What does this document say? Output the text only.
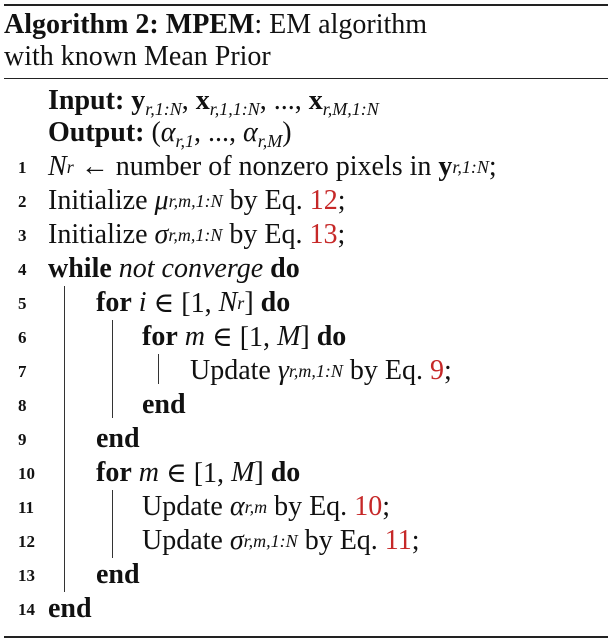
Algorithm 2: MPEM: EM algorithm
with known Mean Prior
Input:
$y_{r,1:N}$, $x_{r,1,1:N}$, ..., $x_{r,M,1:N}$
Output:
($\alpha_{r,1}$, ..., $\alpha_{r,M}$)
1 N r ← number of nonzero pixels in
y r,1:N ;
2 Initialize
μ r,m,1:N
by Eq.
12 ;
3 Initialize
σ r,m,1:N
by Eq.
13 ;
4 while
not converge
do
5	for
i ∈ [1, N r ]
do
6	for
m ∈ [1, M ]
do
7	Update
γ r,m,1:N
by Eq.
9 ;
8	end
9	end
10 for
m ∈ [1, M ]
do
11	Update
α r,m
by Eq.
10 ;
12	Update
σ r,m,1:N
by Eq.
11 ;
13 end
14 end
